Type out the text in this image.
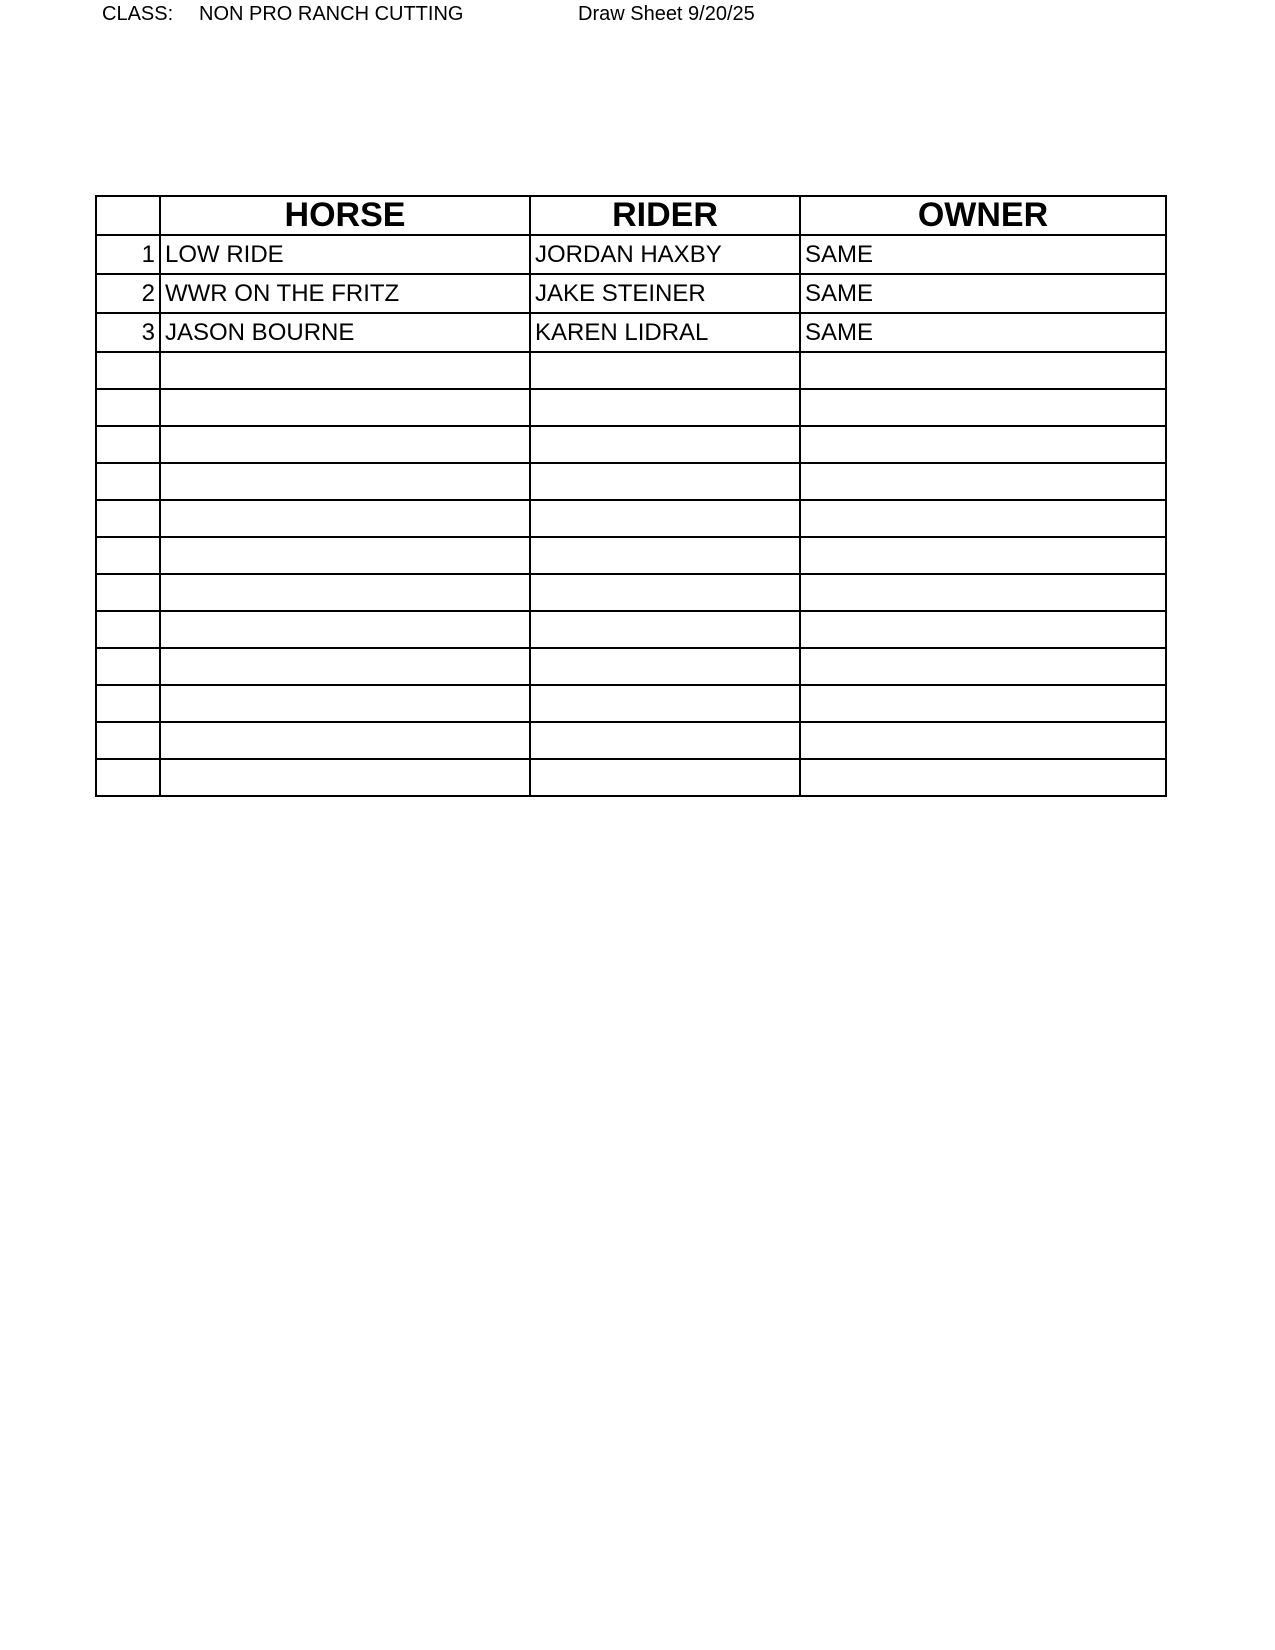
CLASS: NON PRO RANCH CUTTING	Draw Sheet 9/20/25
	HORSE	RIDER	OWNER
1	LOW RIDE	JORDAN HAXBY	SAME
2	WWR ON THE FRITZ	JAKE STEINER	SAME
3	JASON BOURNE	KAREN LIDRAL	SAME
